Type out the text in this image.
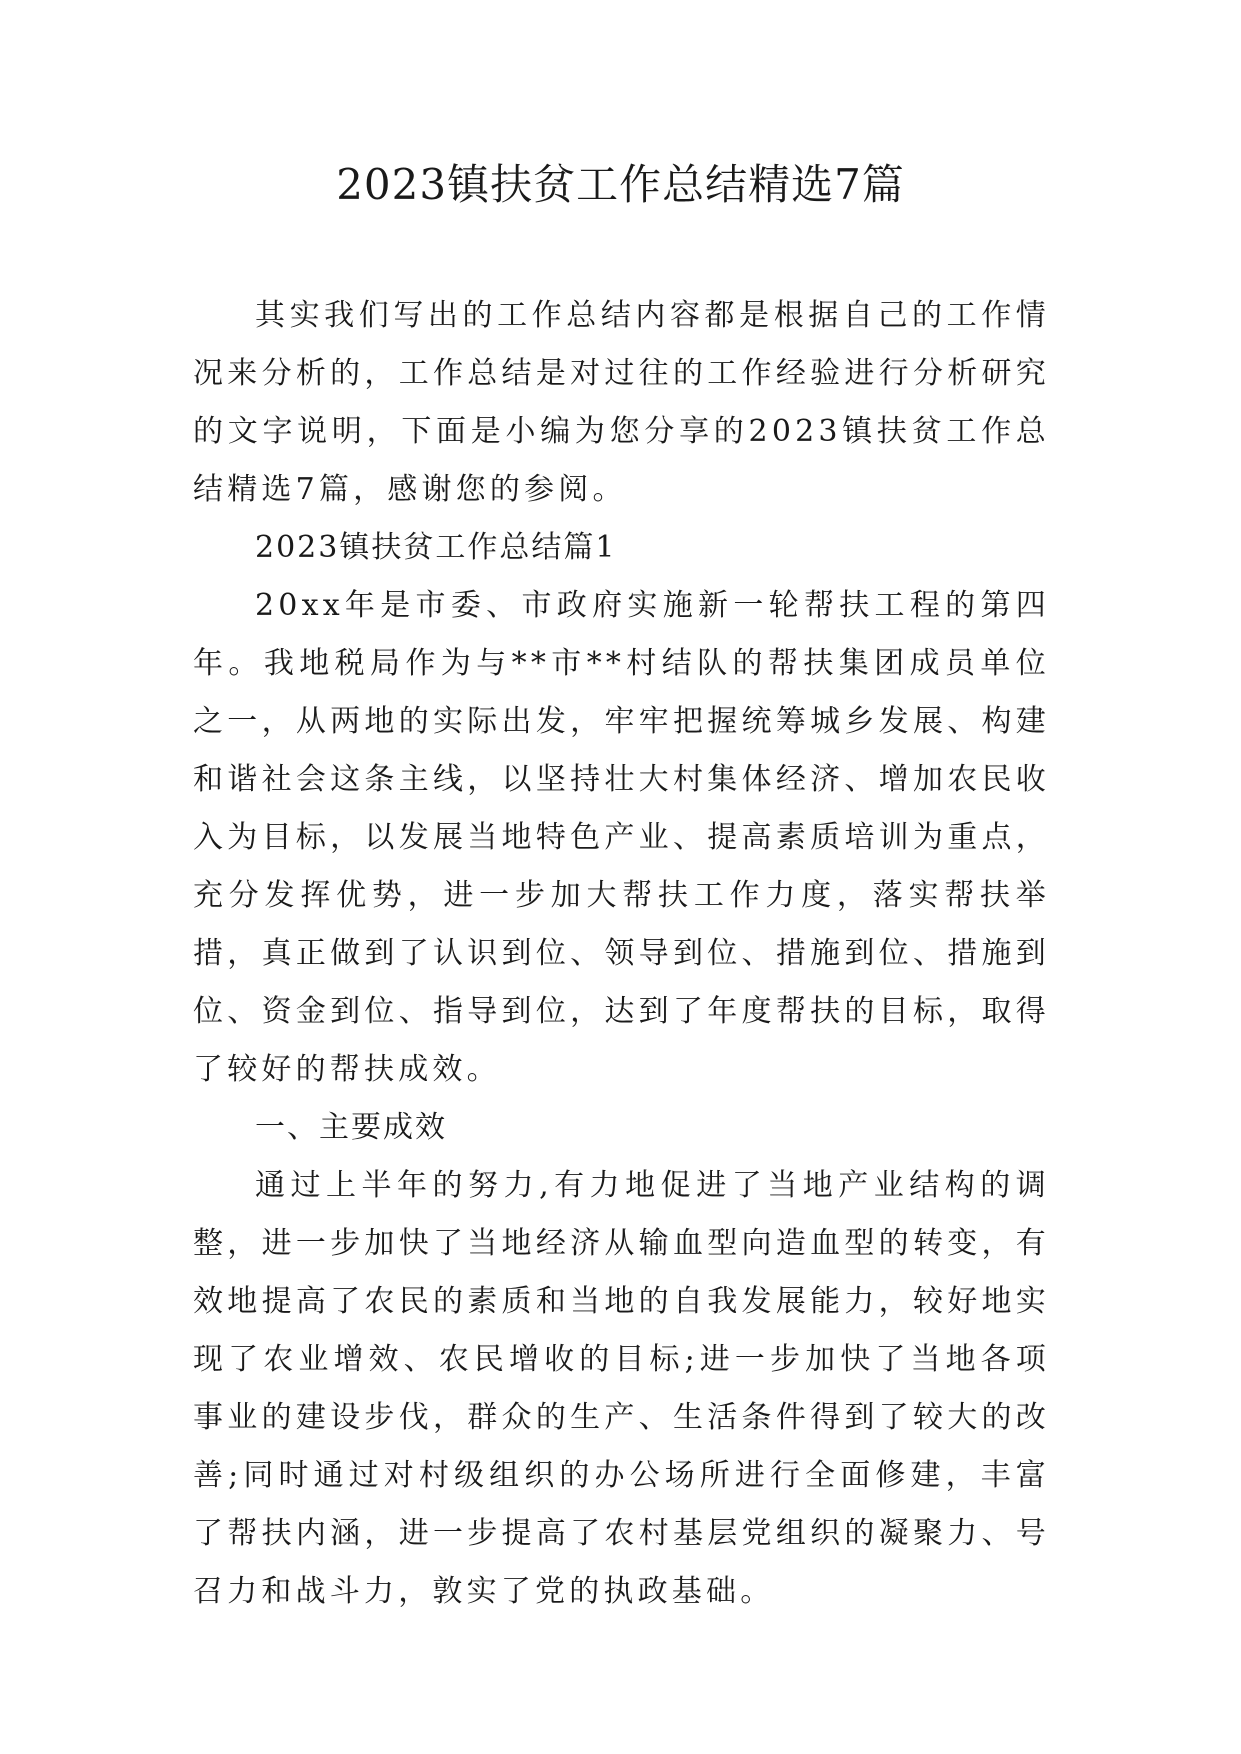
2023镇扶贫工作总结精选7篇

其实我们写出的工作总结内容都是根据自己的工作情况来分析的，工作总结是对过往的工作经验进行分析研究的文字说明，下面是小编为您分享的2023镇扶贫工作总结精选7篇，感谢您的参阅。

2023镇扶贫工作总结篇1

20xx年是市委、市政府实施新一轮帮扶工程的第四年。我地税局作为与**市**村结队的帮扶集团成员单位之一，从两地的实际出发，牢牢把握统筹城乡发展、构建和谐社会这条主线，以坚持壮大村集体经济、增加农民收入为目标，以发展当地特色产业、提高素质培训为重点，充分发挥优势，进一步加大帮扶工作力度，落实帮扶举措，真正做到了认识到位、领导到位、措施到位、措施到位、资金到位、指导到位，达到了年度帮扶的目标，取得了较好的帮扶成效。

一、主要成效

通过上半年的努力,有力地促进了当地产业结构的调整，进一步加快了当地经济从输血型向造血型的转变，有效地提高了农民的素质和当地的自我发展能力，较好地实现了农业增效、农民增收的目标;进一步加快了当地各项事业的建设步伐，群众的生产、生活条件得到了较大的改善;同时通过对村级组织的办公场所进行全面修建，丰富了帮扶内涵，进一步提高了农村基层党组织的凝聚力、号召力和战斗力，敦实了党的执政基础。
